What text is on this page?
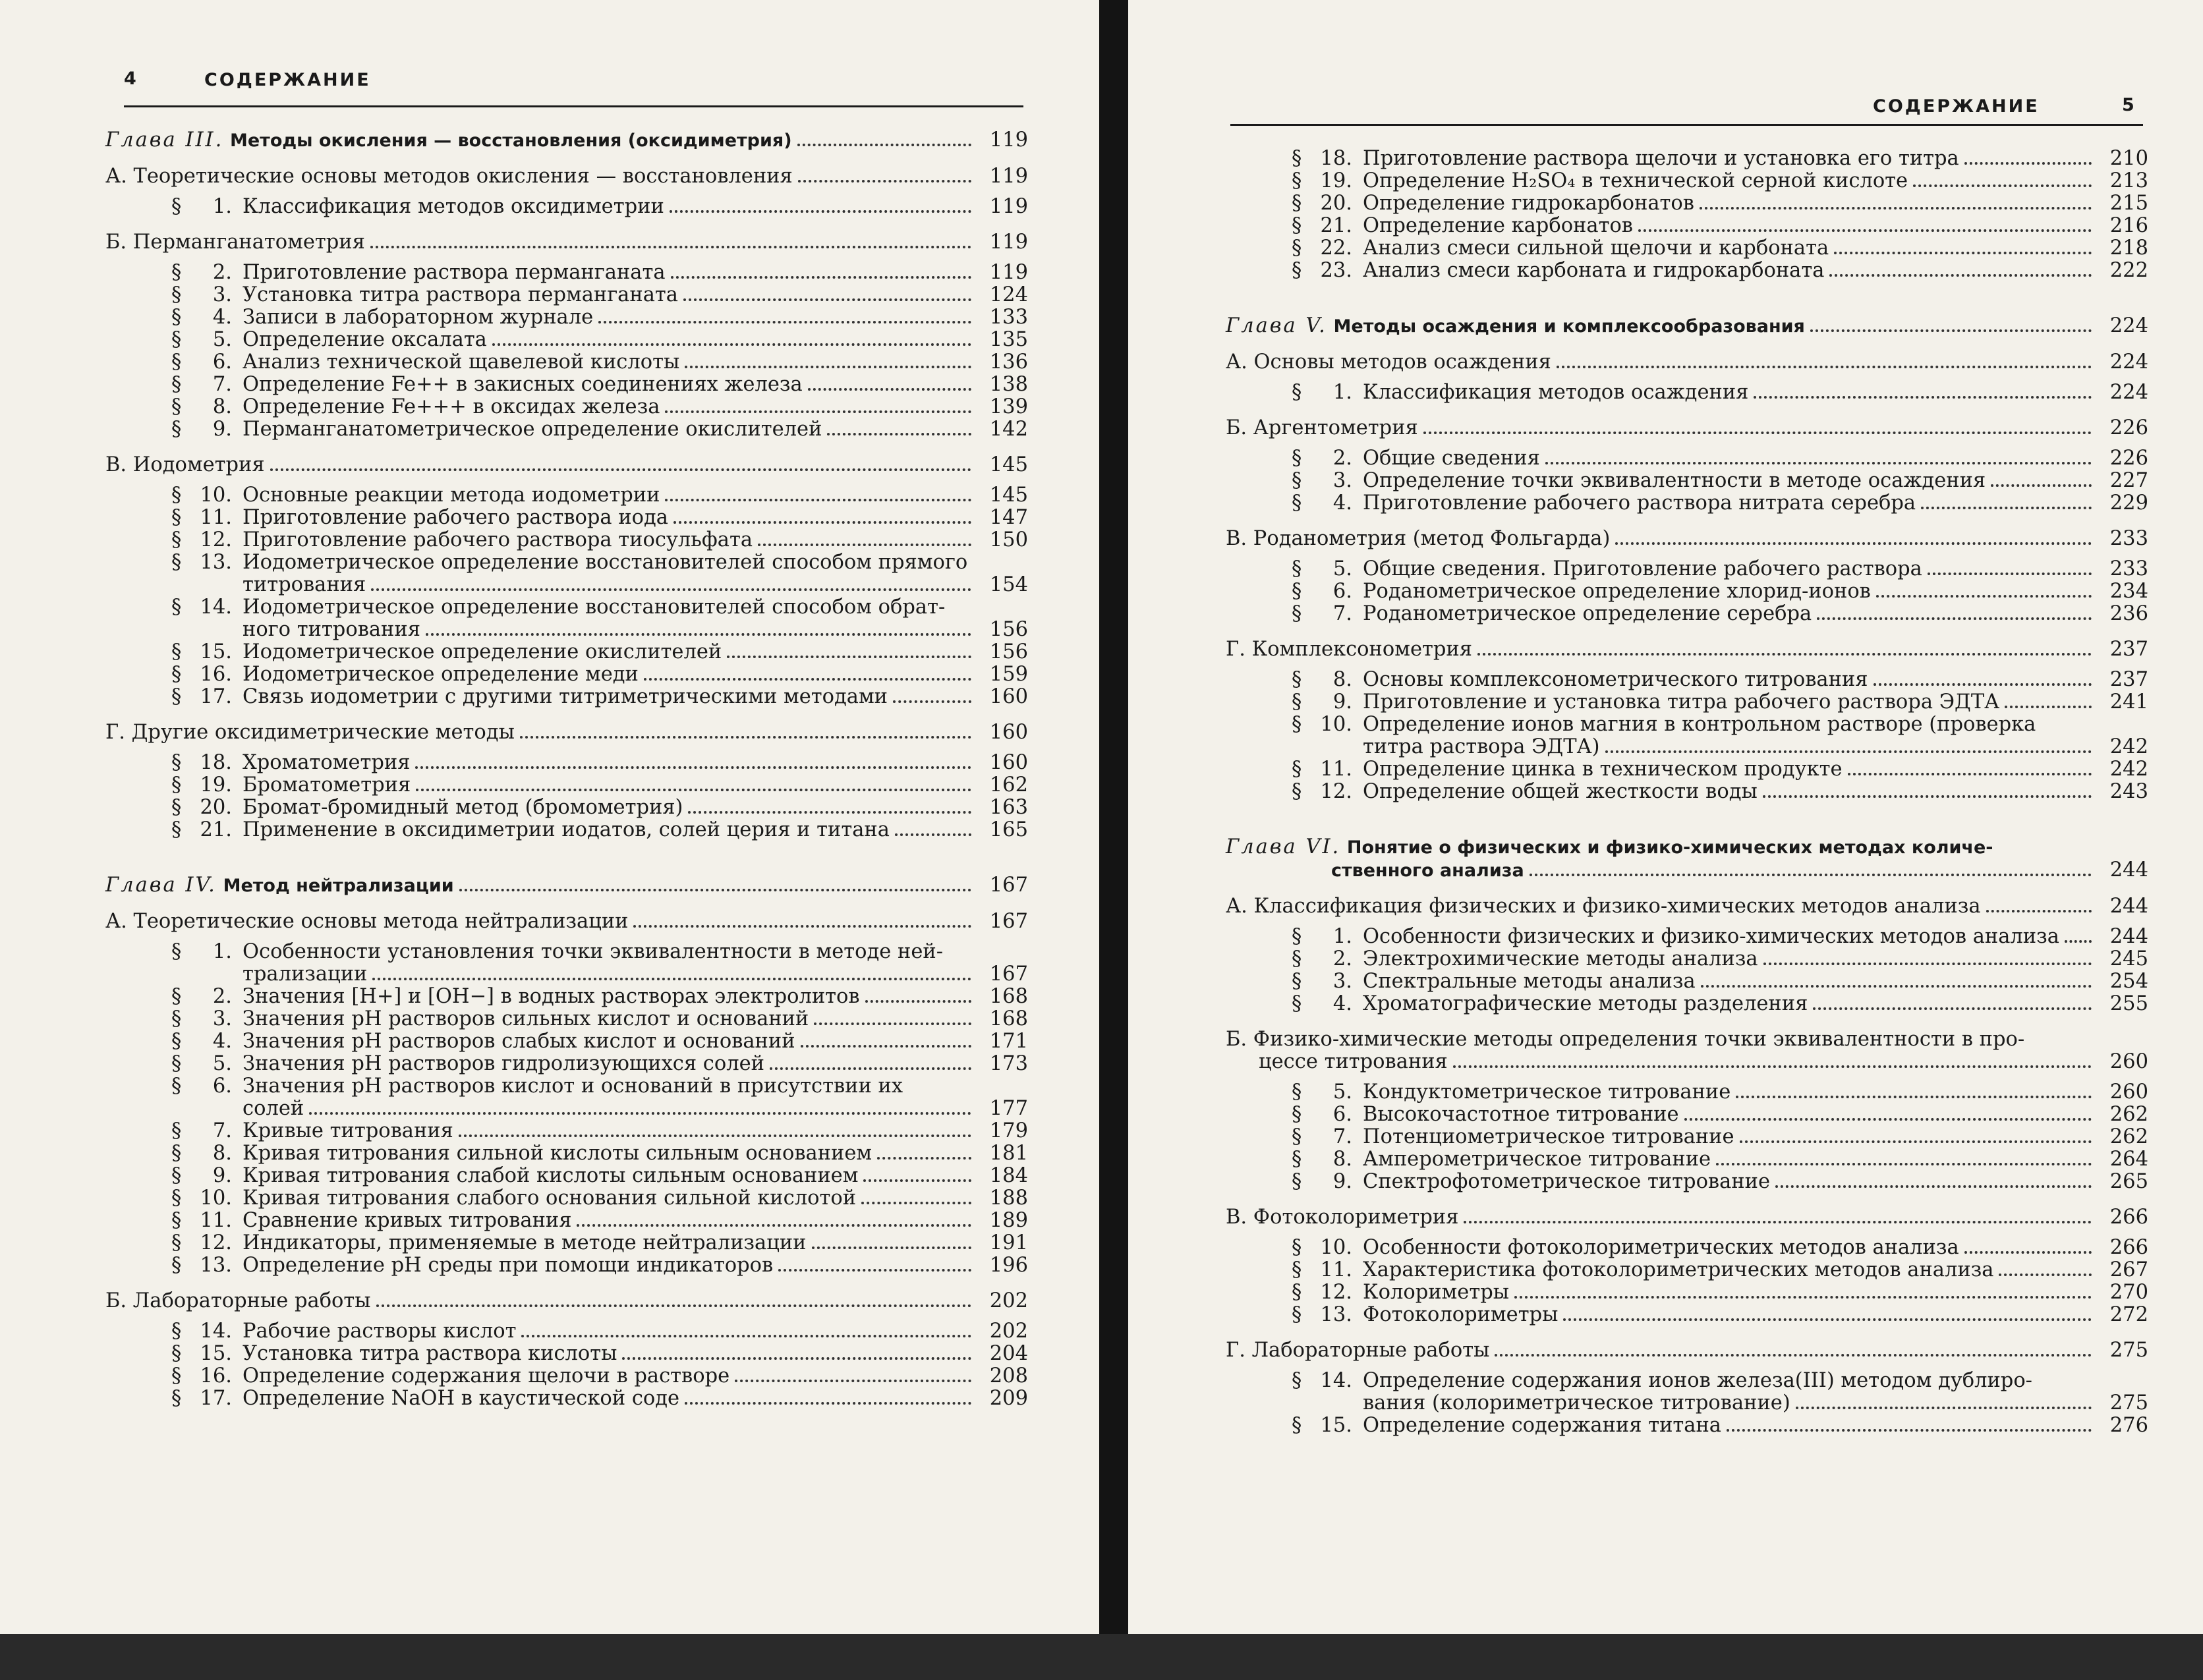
4	СОДЕРЖАНИЕ
Глава III.
Методы окисления — восстановления (оксидиметрия)	119
А. Теоретические основы методов окисления — восстановления	119
§	1. Классификация методов оксидиметрии	119
Б. Перманганатометрия	119
§	2. Приготовление раствора перманганата	119
§	3. Установка титра раствора перманганата	124
§	4. Записи в лабораторном журнале	133
§	5. Определение оксалата	135
§	6. Анализ технической щавелевой кислоты	136
§	7. Определение Fe++ в закисных соединениях железа	138
§	8. Определение Fe+++ в оксидах железа	139
§	9. Перманганатометрическое определение окислителей	142
В. Иодометрия	145
§ 10. Основные реакции метода иодометрии	145
§ 11. Приготовление рабочего раствора иода	147
§ 12. Приготовление рабочего раствора тиосульфата	150
§ 13. Иодометрическое определение восстановителей способом прямого
титрования	154
§ 14. Иодометрическое определение восстановителей способом обрат-
ного титрования	156
§ 15. Иодометрическое определение окислителей	156
§ 16. Иодометрическое определение меди	159
§ 17. Связь иодометрии с другими титриметрическими методами	160
Г. Другие оксидиметрические методы	160
§ 18. Хроматометрия	160
§ 19. Броматометрия	162
§ 20. Бромат-бромидный метод (бромометрия)	163
§ 21. Применение в оксидиметрии иодатов, солей церия и титана	165
Глава IV.
Метод нейтрализации	167
А. Теоретические основы метода нейтрализации	167
§	1. Особенности установления точки эквивалентности в методе ней-
трализации	167
§	2. Значения [H+] и [OH−] в водных растворах электролитов	168
§	3. Значения pH растворов сильных кислот и оснований	168
§	4. Значения pH растворов слабых кислот и оснований	171
§	5. Значения pH растворов гидролизующихся солей	173
§	6. Значения pH растворов кислот и оснований в присутствии их
солей	177
§	7. Кривые титрования	179
§	8. Кривая титрования сильной кислоты сильным основанием	181
§	9. Кривая титрования слабой кислоты сильным основанием	184
§ 10. Кривая титрования слабого основания сильной кислотой	188
§ 11. Сравнение кривых титрования	189
§ 12. Индикаторы, применяемые в методе нейтрализации	191
§ 13. Определение pH среды при помощи индикаторов	196
Б. Лабораторные работы	202
§ 14. Рабочие растворы кислот	202
§ 15. Установка титра раствора кислоты	204
§ 16. Определение содержания щелочи в растворе	208
§ 17. Определение NaOH в каустической соде	209
СОДЕРЖАНИЕ	5
§ 18. Приготовление раствора щелочи и установка его титра	210
§ 19. Определение H₂SO₄ в технической серной кислоте	213
§ 20. Определение гидрокарбонатов	215
§ 21. Определение карбонатов	216
§ 22. Анализ смеси сильной щелочи и карбоната	218
§ 23. Анализ смеси карбоната и гидрокарбоната	222
Глава V.
Методы осаждения и комплексообразования	224
А. Основы методов осаждения	224
§	1. Классификация методов осаждения	224
Б. Аргентометрия	226
§	2. Общие сведения	226
§	3. Определение точки эквивалентности в методе осаждения	227
§	4. Приготовление рабочего раствора нитрата серебра	229
В. Роданометрия (метод Фольгарда)	233
§	5. Общие сведения. Приготовление рабочего раствора	233
§	6. Роданометрическое определение хлорид-ионов	234
§	7. Роданометрическое определение серебра	236
Г. Комплексонометрия	237
§	8. Основы комплексонометрического титрования	237
§	9. Приготовление и установка титра рабочего раствора ЭДТА	241
§ 10. Определение ионов магния в контрольном растворе (проверка
титра раствора ЭДТА)	242
§ 11. Определение цинка в техническом продукте	242
§ 12. Определение общей жесткости воды	243
Глава VI.
Понятие о физических и физико-химических методах количе-
ственного анализа	244
А. Классификация физических и физико-химических методов анализа	244
§	1. Особенности физических и физико-химических методов анализа	244
§	2. Электрохимические методы анализа	245
§	3. Спектральные методы анализа	254
§	4. Хроматографические методы разделения	255
Б. Физико-химические методы определения точки эквивалентности в про-
цессе титрования	260
§	5. Кондуктометрическое титрование	260
§	6. Высокочастотное титрование	262
§	7. Потенциометрическое титрование	262
§	8. Амперометрическое титрование	264
§	9. Спектрофотометрическое титрование	265
В. Фотоколориметрия	266
§ 10. Особенности фотоколориметрических методов анализа	266
§ 11. Характеристика фотоколориметрических методов анализа	267
§ 12. Колориметры	270
§ 13. Фотоколориметры	272
Г. Лабораторные работы	275
§ 14. Определение содержания ионов железа(III) методом дублиро-
вания (колориметрическое титрование)	275
§ 15. Определение содержания титана	276
